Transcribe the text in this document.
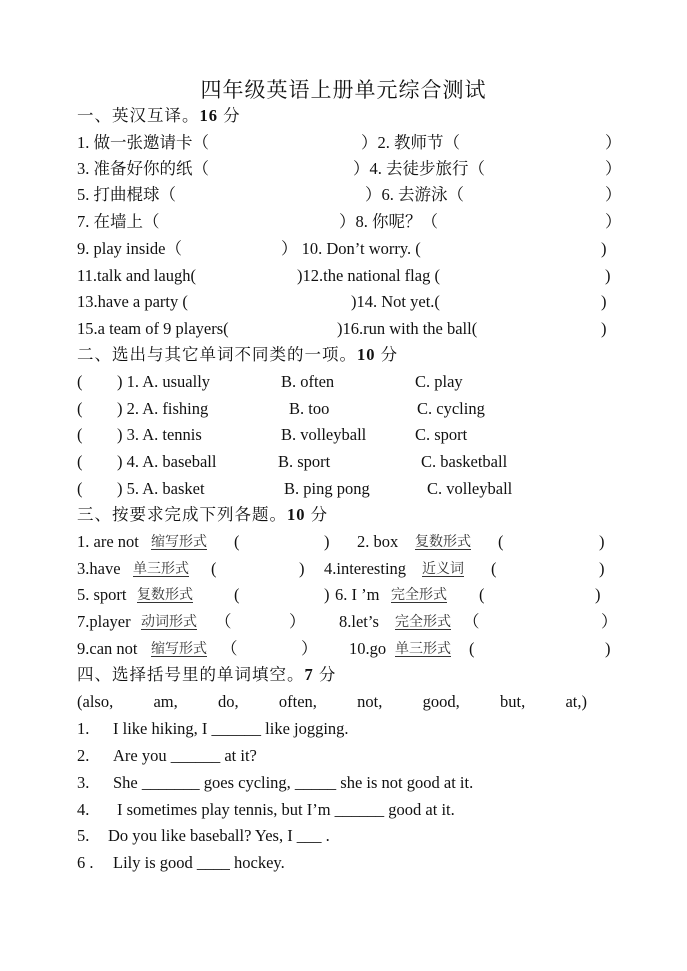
四年级英语上册单元综合测试
一、英汉互译。16 分
1. 做一张邀请卡（	）2. 教师节（	）
3. 准备好你的纸（	）4. 去徒步旅行（	）
5. 打曲棍球（	）6. 去游泳（	）
7. 在墙上（	）8. 你呢？（	）
9. play inside（	） 10. Don’t worry. (	)
11.talk and laugh(	)12.the national flag (	)
13.have a party (	)14. Not yet.(	)
15.a team of 9 players(	)16.run with the ball(	)
二、选出与其它单词不同类的一项。10 分
( ) 1. A. usually	B. often	C. play
( ) 2. A. fishing	B. too	C. cycling
( ) 3. A. tennis	B. volleyball	C. sport
( ) 4. A. baseball	B. sport	C. basketball
( ) 5. A. basket	B. ping pong	C. volleyball
三、按要求完成下列各题。10 分
1. are not 缩写形式 (	) 2. box 复数形式 (	)
3.have 单三形式 (	) 4.interesting 近义词 (	)
5. sport 复数形式 (	) 6. I ’m 完全形式 (	)
7.player 动词形式 （	） 8.let’s 完全形式 （	）
9.can not 缩写形式 （	） 10.go 单三形式 (	)
四、选择括号里的单词填空。7 分
(also, am, do, often, not, good, but, at,)
1. I like hiking, I ______ like jogging.
2. Are you ______ at it?
3. She _______ goes cycling, _____ she is not good at it.
4. I sometimes play tennis, but I’m ______ good at it.
5. Do you like baseball? Yes, I ___ .
6 . Lily is good ____ hockey.
